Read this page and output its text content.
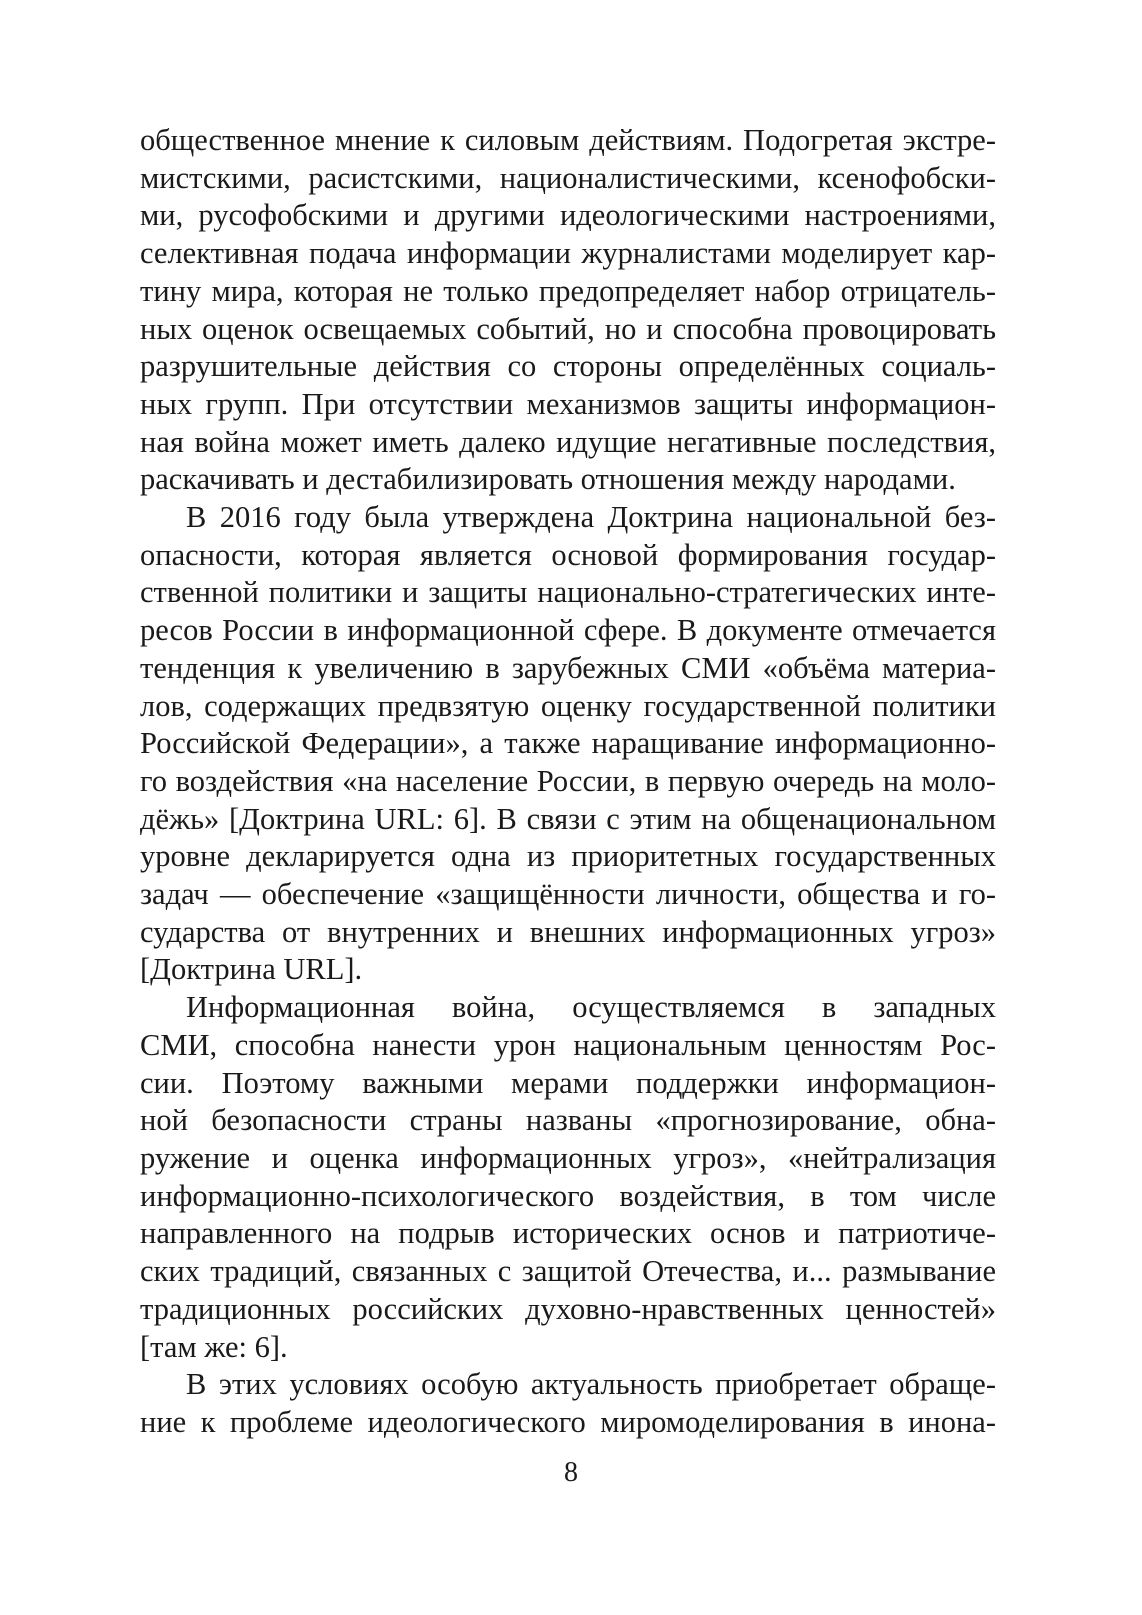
общественное мнение к силовым действиям. Подогретая экстре-
мистскими, расистскими, националистическими, ксенофобски-
ми, русофобскими и другими идеологическими настроениями,
селективная подача информации журналистами моделирует кар-
тину мира, которая не только предопределяет набор отрицатель-
ных оценок освещаемых событий, но и способна провоцировать
разрушительные действия со стороны определённых социаль-
ных групп. При отсутствии механизмов защиты информацион-
ная война может иметь далеко идущие негативные последствия,
раскачивать и дестабилизировать отношения между народами.
В 2016 году была утверждена Доктрина национальной без-
опасности, которая является основой формирования государ-
ственной политики и защиты национально-стратегических инте-
ресов России в информационной сфере. В документе отмечается
тенденция к увеличению в зарубежных СМИ «объёма материа-
лов, содержащих предвзятую оценку государственной политики
Российской Федерации», а также наращивание информационно-
го воздействия «на население России, в первую очередь на моло-
дёжь» [Доктрина URL: 6]. В связи с этим на общенациональном
уровне декларируется одна из приоритетных государственных
задач — обеспечение «защищённости личности, общества и го-
сударства от внутренних и внешних информационных угроз»
[Доктрина URL].
Информационная война, осуществляемся в западных
СМИ, способна нанести урон национальным ценностям Рос-
сии. Поэтому важными мерами поддержки информацион-
ной безопасности страны названы «прогнозирование, обна-
ружение и оценка информационных угроз», «нейтрализация
информационно-психологического воздействия, в том числе
направленного на подрыв исторических основ и патриотиче-
ских традиций, связанных с защитой Отечества, и... размывание
традиционных российских духовно-нравственных ценностей»
[там же: 6].
В этих условиях особую актуальность приобретает обраще-
ние к проблеме идеологического миромоделирования в инона-
8
